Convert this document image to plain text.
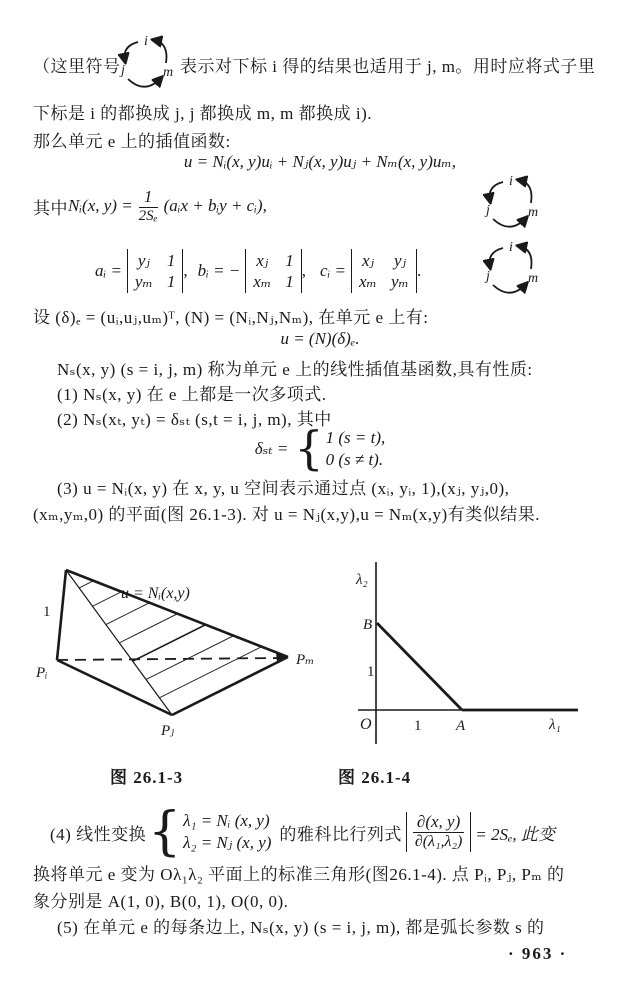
（这里符号
i
j	m 表示对下标 i 得的结果也适用于 j, m。用时应将式子里
下标是 i 的都换成 j, j 都换成 m, m 都换成 i).
那么单元 e 上的插值函数:
u = Nᵢ(x, y)uᵢ + Nⱼ(x, y)uⱼ + Nₘ(x, y)uₘ,
其中 Nᵢ(x, $y) = \frac{1}{\text{2Sₑ}}$ (aᵢx + bᵢy + cᵢ),
i
j	m
aᵢ =
yⱼ 1
yₘ 1
, bᵢ = −
xⱼ 1
xₘ 1
, cᵢ =
xⱼ yⱼ
xₘ yₘ
.
i
j	m
设 (δ)ₑ = (uᵢ,uⱼ,uₘ)ᵀ, (N) = (Nᵢ,Nⱼ,Nₘ), 在单元 e 上有:
u = (N)(δ)ₑ.
Nₛ(x, y) (s = i, j, m) 称为单元 e 上的线性插值基函数,具有性质:
(1) Nₛ(x, y) 在 e 上都是一次多项式.
(2) Nₛ(xₜ, yₜ) = δₛₜ (s,t = i, j, m), 其中
δₛₜ = { 1 (s = t),
0 (s ≠ t).
(3) u = Nᵢ(x, y) 在 x, y, u 空间表示通过点 (xᵢ, yᵢ, 1),(xⱼ, yⱼ,0),
(xₘ,yₘ,0) 的平面(图 26.1-3). 对 u = Nⱼ(x,y),u = Nₘ(x,y)有类似结果.
1
u = Nᵢ(x,y)
Pᵢ
Pⱼ
Pₘ
λ₂
B
1
O	1 A	λ₁
图 26.1-3	图 26.1-4
(4) 线性变换 { λ₁ = Nᵢ (x, y)
λ₂ = Nⱼ (x, y) 的雅科比行列式 $\frac{\partial(x, y)}{\text{∂(λ₁,λ₂)}} = 2S_e$, 此变
换将单元 e 变为 Oλ₁λ₂ 平面上的标准三角形(图26.1-4). 点 Pᵢ, Pⱼ, Pₘ 的
象分别是 A(1, 0), B(0, 1), O(0, 0).
(5) 在单元 e 的每条边上, Nₛ(x, y) (s = i, j, m), 都是弧长参数 s 的
· 963 ·
